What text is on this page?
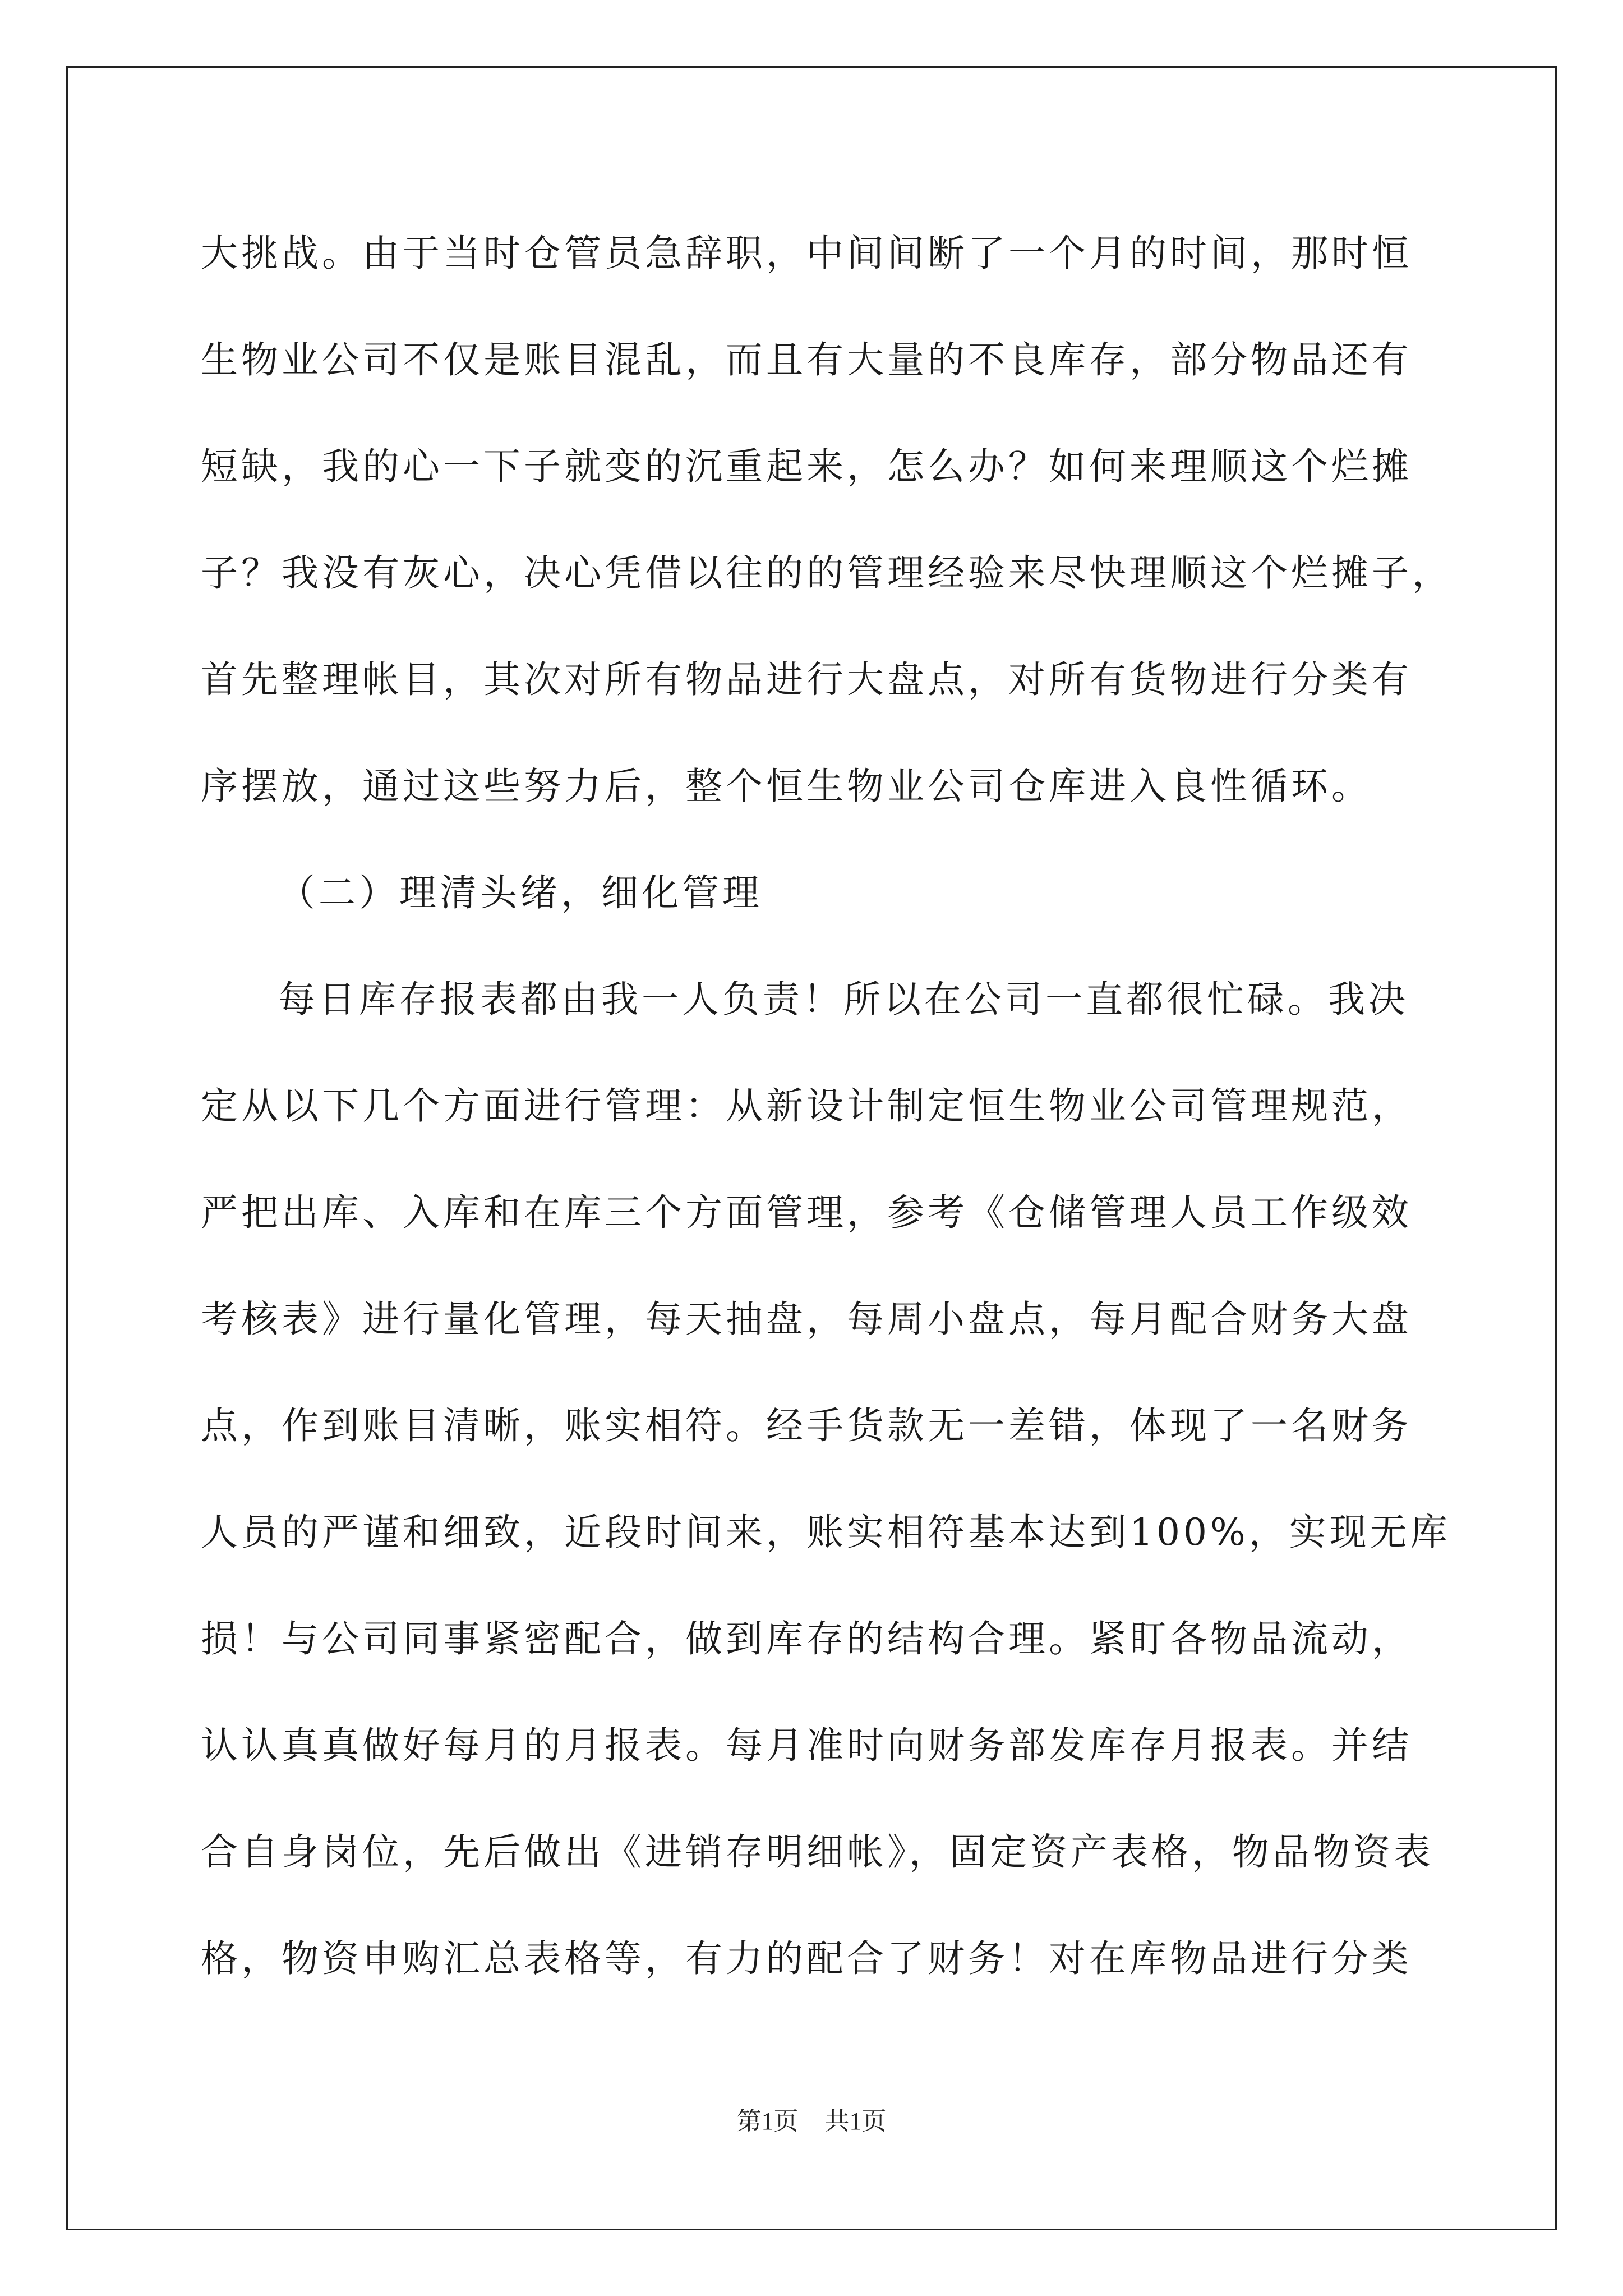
大挑战。由于当时仓管员急辞职，中间间断了一个月的时间，那时恒
生物业公司不仅是账目混乱，而且有大量的不良库存，部分物品还有
短缺，我的心一下子就变的沉重起来，怎么办？如何来理顺这个烂摊
子？我没有灰心，决心凭借以往的的管理经验来尽快理顺这个烂摊子，
首先整理帐目，其次对所有物品进行大盘点，对所有货物进行分类有
序摆放，通过这些努力后，整个恒生物业公司仓库进入良性循环。
（二）理清头绪，细化管理
每日库存报表都由我一人负责！所以在公司一直都很忙碌。我决
定从以下几个方面进行管理：从新设计制定恒生物业公司管理规范，
严把出库、入库和在库三个方面管理，参考《仓储管理人员工作级效
考核表》进行量化管理，每天抽盘，每周小盘点，每月配合财务大盘
点，作到账目清晰，账实相符。经手货款无一差错，体现了一名财务
人员的严谨和细致，近段时间来，账实相符基本达到100%，实现无库
损！与公司同事紧密配合，做到库存的结构合理。紧盯各物品流动，
认认真真做好每月的月报表。每月准时向财务部发库存月报表。并结
合自身岗位，先后做出《进销存明细帐》，固定资产表格，物品物资表
格，物资申购汇总表格等，有力的配合了财务！对在库物品进行分类
第1页 共1页
